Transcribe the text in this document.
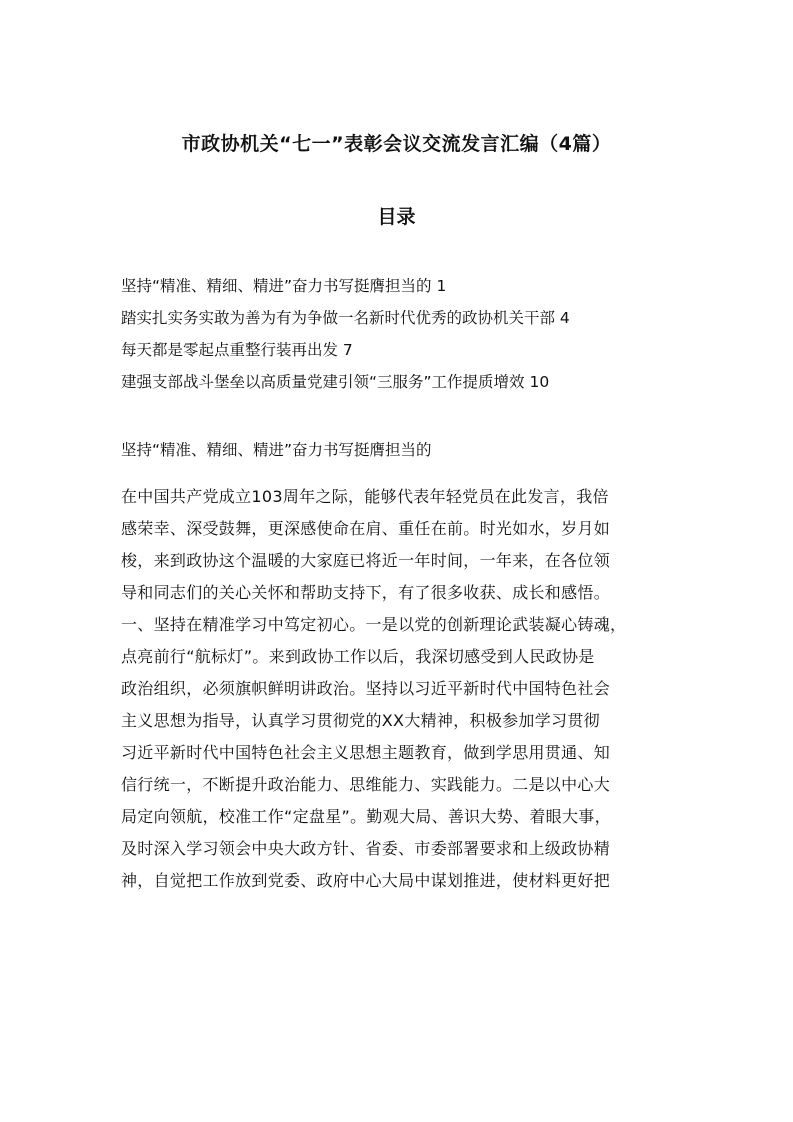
市政协机关“七一”表彰会议交流发言汇编（4篇）
目录
坚持“精准、精细、精进”奋力书写挺膺担当的 1
踏实扎实务实敢为善为有为争做一名新时代优秀的政协机关干部 4
每天都是零起点重整行装再出发 7
建强支部战斗堡垒以高质量党建引领“三服务”工作提质增效 10
坚持“精准、精细、精进”奋力书写挺膺担当的
在中国共产党成立103周年之际，能够代表年轻党员在此发言，我倍
感荣幸、深受鼓舞，更深感使命在肩、重任在前。时光如水，岁月如
梭，来到政协这个温暖的大家庭已将近一年时间，一年来，在各位领
导和同志们的关心关怀和帮助支持下，有了很多收获、成长和感悟。
一、坚持在精准学习中笃定初心。一是以党的创新理论武装凝心铸魂，
点亮前行“航标灯”。来到政协工作以后，我深切感受到人民政协是
政治组织，必须旗帜鲜明讲政治。坚持以习近平新时代中国特色社会
主义思想为指导，认真学习贯彻党的XX大精神，积极参加学习贯彻
习近平新时代中国特色社会主义思想主题教育，做到学思用贯通、知
信行统一，不断提升政治能力、思维能力、实践能力。二是以中心大
局定向领航，校准工作“定盘星”。勤观大局、善识大势、着眼大事，
及时深入学习领会中央大政方针、省委、市委部署要求和上级政协精
神，自觉把工作放到党委、政府中心大局中谋划推进，使材料更好把
